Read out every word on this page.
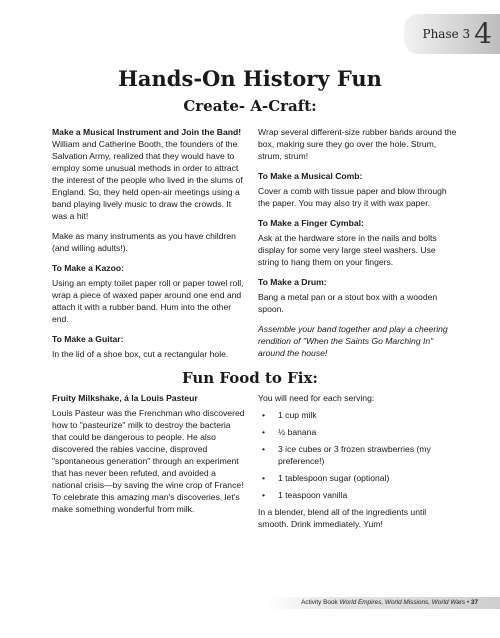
Phase 3 4
Hands-On History Fun
Create- A-Craft:
Make a Musical Instrument and Join the Band!

William and Catherine Booth, the founders of the Salvation Army, realized that they would have to employ some unusual methods in order to attract the interest of the people who lived in the slums of England. So, they held open-air meetings using a band playing lively music to draw the crowds. It was a hit!

Make as many instruments as you have children (and willing adults!).

To Make a Kazoo:

Using an empty toilet paper roll or paper towel roll, wrap a piece of waxed paper around one end and attach it with a rubber band. Hum into the other end.

To Make a Guitar:

In the lid of a shoe box, cut a rectangular hole.

Wrap several different-size rubber bands around the box, making sure they go over the hole. Strum, strum, strum!

To Make a Musical Comb:

Cover a comb with tissue paper and blow through the paper. You may also try it with wax paper.

To Make a Finger Cymbal:

Ask at the hardware store in the nails and bolts display for some very large steel washers. Use string to hang them on your fingers.

To Make a Drum:

Bang a metal pan or a stout box with a wooden spoon.

Assemble your band together and play a cheering rendition of "When the Saints Go Marching In" around the house!

Fun Food to Fix:
Fruity Milkshake, á la Louis Pasteur

Louis Pasteur was the Frenchman who discovered how to "pasteurize" milk to destroy the bacteria that could be dangerous to people. He also discovered the rabies vaccine, disproved "spontaneous generation" through an experiment that has never been refuted, and avoided a national crisis—by saving the wine crop of France! To celebrate this amazing man's discoveries, let's make something wonderful from milk.

You will need for each serving:

• 1 cup milk
• ½ banana
• 3 ice cubes or 3 frozen strawberries (my preference!)
• 1 tablespoon sugar (optional)
• 1 teaspoon vanilla

In a blender, blend all of the ingredients until smooth. Drink immediately. Yum!

Activity Book World Empires, World Missions, World Wars • 37
